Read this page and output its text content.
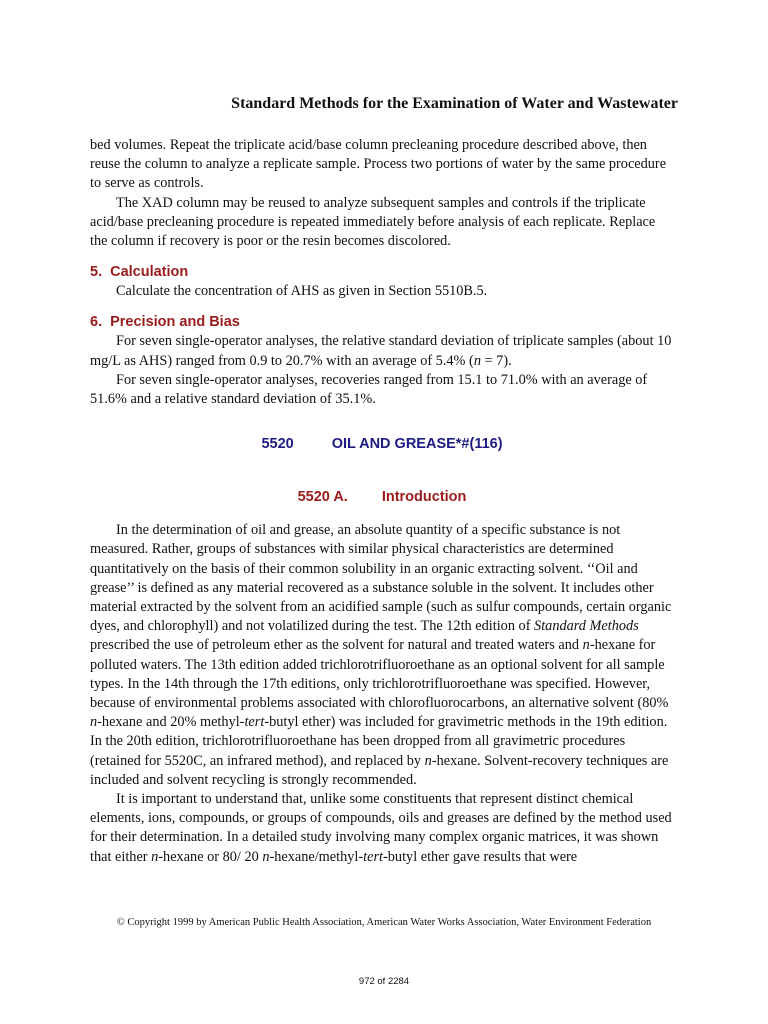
Standard Methods for the Examination of Water and Wastewater

bed volumes. Repeat the triplicate acid/base column precleaning procedure described above, then reuse the column to analyze a replicate sample. Process two portions of water by the same procedure to serve as controls.

The XAD column may be reused to analyze subsequent samples and controls if the triplicate acid/base precleaning procedure is repeated immediately before analysis of each replicate. Replace the column if recovery is poor or the resin becomes discolored.

5. Calculation

Calculate the concentration of AHS as given in Section 5510B.5.

6. Precision and Bias

For seven single-operator analyses, the relative standard deviation of triplicate samples (about 10 mg/L as AHS) ranged from 0.9 to 20.7% with an average of 5.4% (n = 7).

For seven single-operator analyses, recoveries ranged from 15.1 to 71.0% with an average of 51.6% and a relative standard deviation of 35.1%.

5520	OIL AND GREASE*#(116)
5520 A. Introduction

In the determination of oil and grease, an absolute quantity of a specific substance is not measured. Rather, groups of substances with similar physical characteristics are determined quantitatively on the basis of their common solubility in an organic extracting solvent. ‘‘Oil and grease’’ is defined as any material recovered as a substance soluble in the solvent. It includes other material extracted by the solvent from an acidified sample (such as sulfur compounds, certain organic dyes, and chlorophyll) and not volatilized during the test. The 12th edition of Standard Methods prescribed the use of petroleum ether as the solvent for natural and treated waters and n-hexane for polluted waters. The 13th edition added trichlorotrifluoroethane as an optional solvent for all sample types. In the 14th through the 17th editions, only trichlorotrifluoroethane was specified. However, because of environmental problems associated with chlorofluorocarbons, an alternative solvent (80% n-hexane and 20% methyl-tert-butyl ether) was included for gravimetric methods in the 19th edition. In the 20th edition, trichlorotrifluoroethane has been dropped from all gravimetric procedures (retained for 5520C, an infrared method), and replaced by n-hexane. Solvent-recovery techniques are included and solvent recycling is strongly recommended.

It is important to understand that, unlike some constituents that represent distinct chemical elements, ions, compounds, or groups of compounds, oils and greases are defined by the method used for their determination. In a detailed study involving many complex organic matrices, it was shown that either n-hexane or 80/ 20 n-hexane/methyl-tert-butyl ether gave results that were

© Copyright 1999 by American Public Health Association, American Water Works Association, Water Environment Federation
972 of 2284
